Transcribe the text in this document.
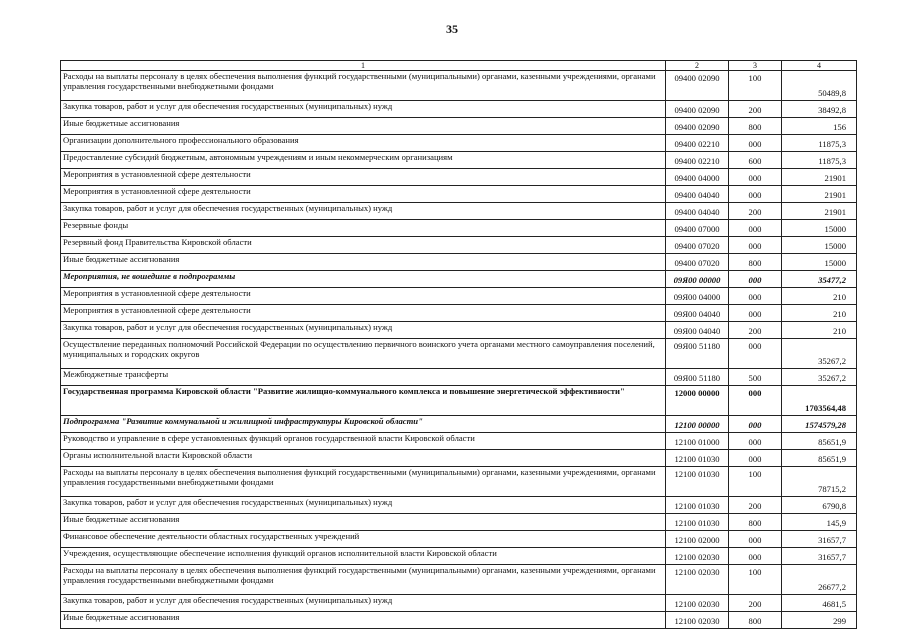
35
1	2	3	4
Расходы на выплаты персоналу в целях обеспечения выполнения функций государственными (муниципальными) органами, казенными учреждениями, органами управления государственными внебюджетными фондами	09400 02090	100	50489,8
Закупка товаров, работ и услуг для обеспечения государственных (муниципальных) нужд	09400 02090	200	38492,8
Иные бюджетные ассигнования	09400 02090	800	156
Организации дополнительного профессионального образования	09400 02210	000	11875,3
Предоставление субсидий бюджетным, автономным учреждениям и иным некоммерческим организациям	09400 02210	600	11875,3
Мероприятия в установленной сфере деятельности	09400 04000	000	21901
Мероприятия в установленной сфере деятельности	09400 04040	000	21901
Закупка товаров, работ и услуг для обеспечения государственных (муниципальных) нужд	09400 04040	200	21901
Резервные фонды	09400 07000	000	15000
Резервный фонд Правительства Кировской области	09400 07020	000	15000
Иные бюджетные ассигнования	09400 07020	800	15000
Мероприятия, не вошедшие в подпрограммы	09Я00 00000	000	35477,2
Мероприятия в установленной сфере деятельности	09Я00 04000	000	210
Мероприятия в установленной сфере деятельности	09Я00 04040	000	210
Закупка товаров, работ и услуг для обеспечения государственных (муниципальных) нужд	09Я00 04040	200	210
Осуществление переданных полномочий Российской Федерации по осуществлению первичного воинского учета органами местного самоуправления поселений, муниципальных и городских округов	09Я00 51180	000	35267,2
Межбюджетные трансферты	09Я00 51180	500	35267,2
Государственная программа Кировской области "Развитие жилищно-коммунального комплекса и повышение энергетической эффективности"	12000 00000	000	1703564,48
Подпрограмма "Развитие коммунальной и жилищной инфраструктуры Кировской области"	12100 00000	000	1574579,28
Руководство и управление в сфере установленных функций органов государственной власти Кировской области	12100 01000	000	85651,9
Органы исполнительной власти Кировской области	12100 01030	000	85651,9
Расходы на выплаты персоналу в целях обеспечения выполнения функций государственными (муниципальными) органами, казенными учреждениями, органами управления государственными внебюджетными фондами	12100 01030	100	78715,2
Закупка товаров, работ и услуг для обеспечения государственных (муниципальных) нужд	12100 01030	200	6790,8
Иные бюджетные ассигнования	12100 01030	800	145,9
Финансовое обеспечение деятельности областных государственных учреждений	12100 02000	000	31657,7
Учреждения, осуществляющие обеспечение исполнения функций органов исполнительной власти Кировской области	12100 02030	000	31657,7
Расходы на выплаты персоналу в целях обеспечения выполнения функций государственными (муниципальными) органами, казенными учреждениями, органами управления государственными внебюджетными фондами	12100 02030	100	26677,2
Закупка товаров, работ и услуг для обеспечения государственных (муниципальных) нужд	12100 02030	200	4681,5
Иные бюджетные ассигнования	12100 02030	800	299
